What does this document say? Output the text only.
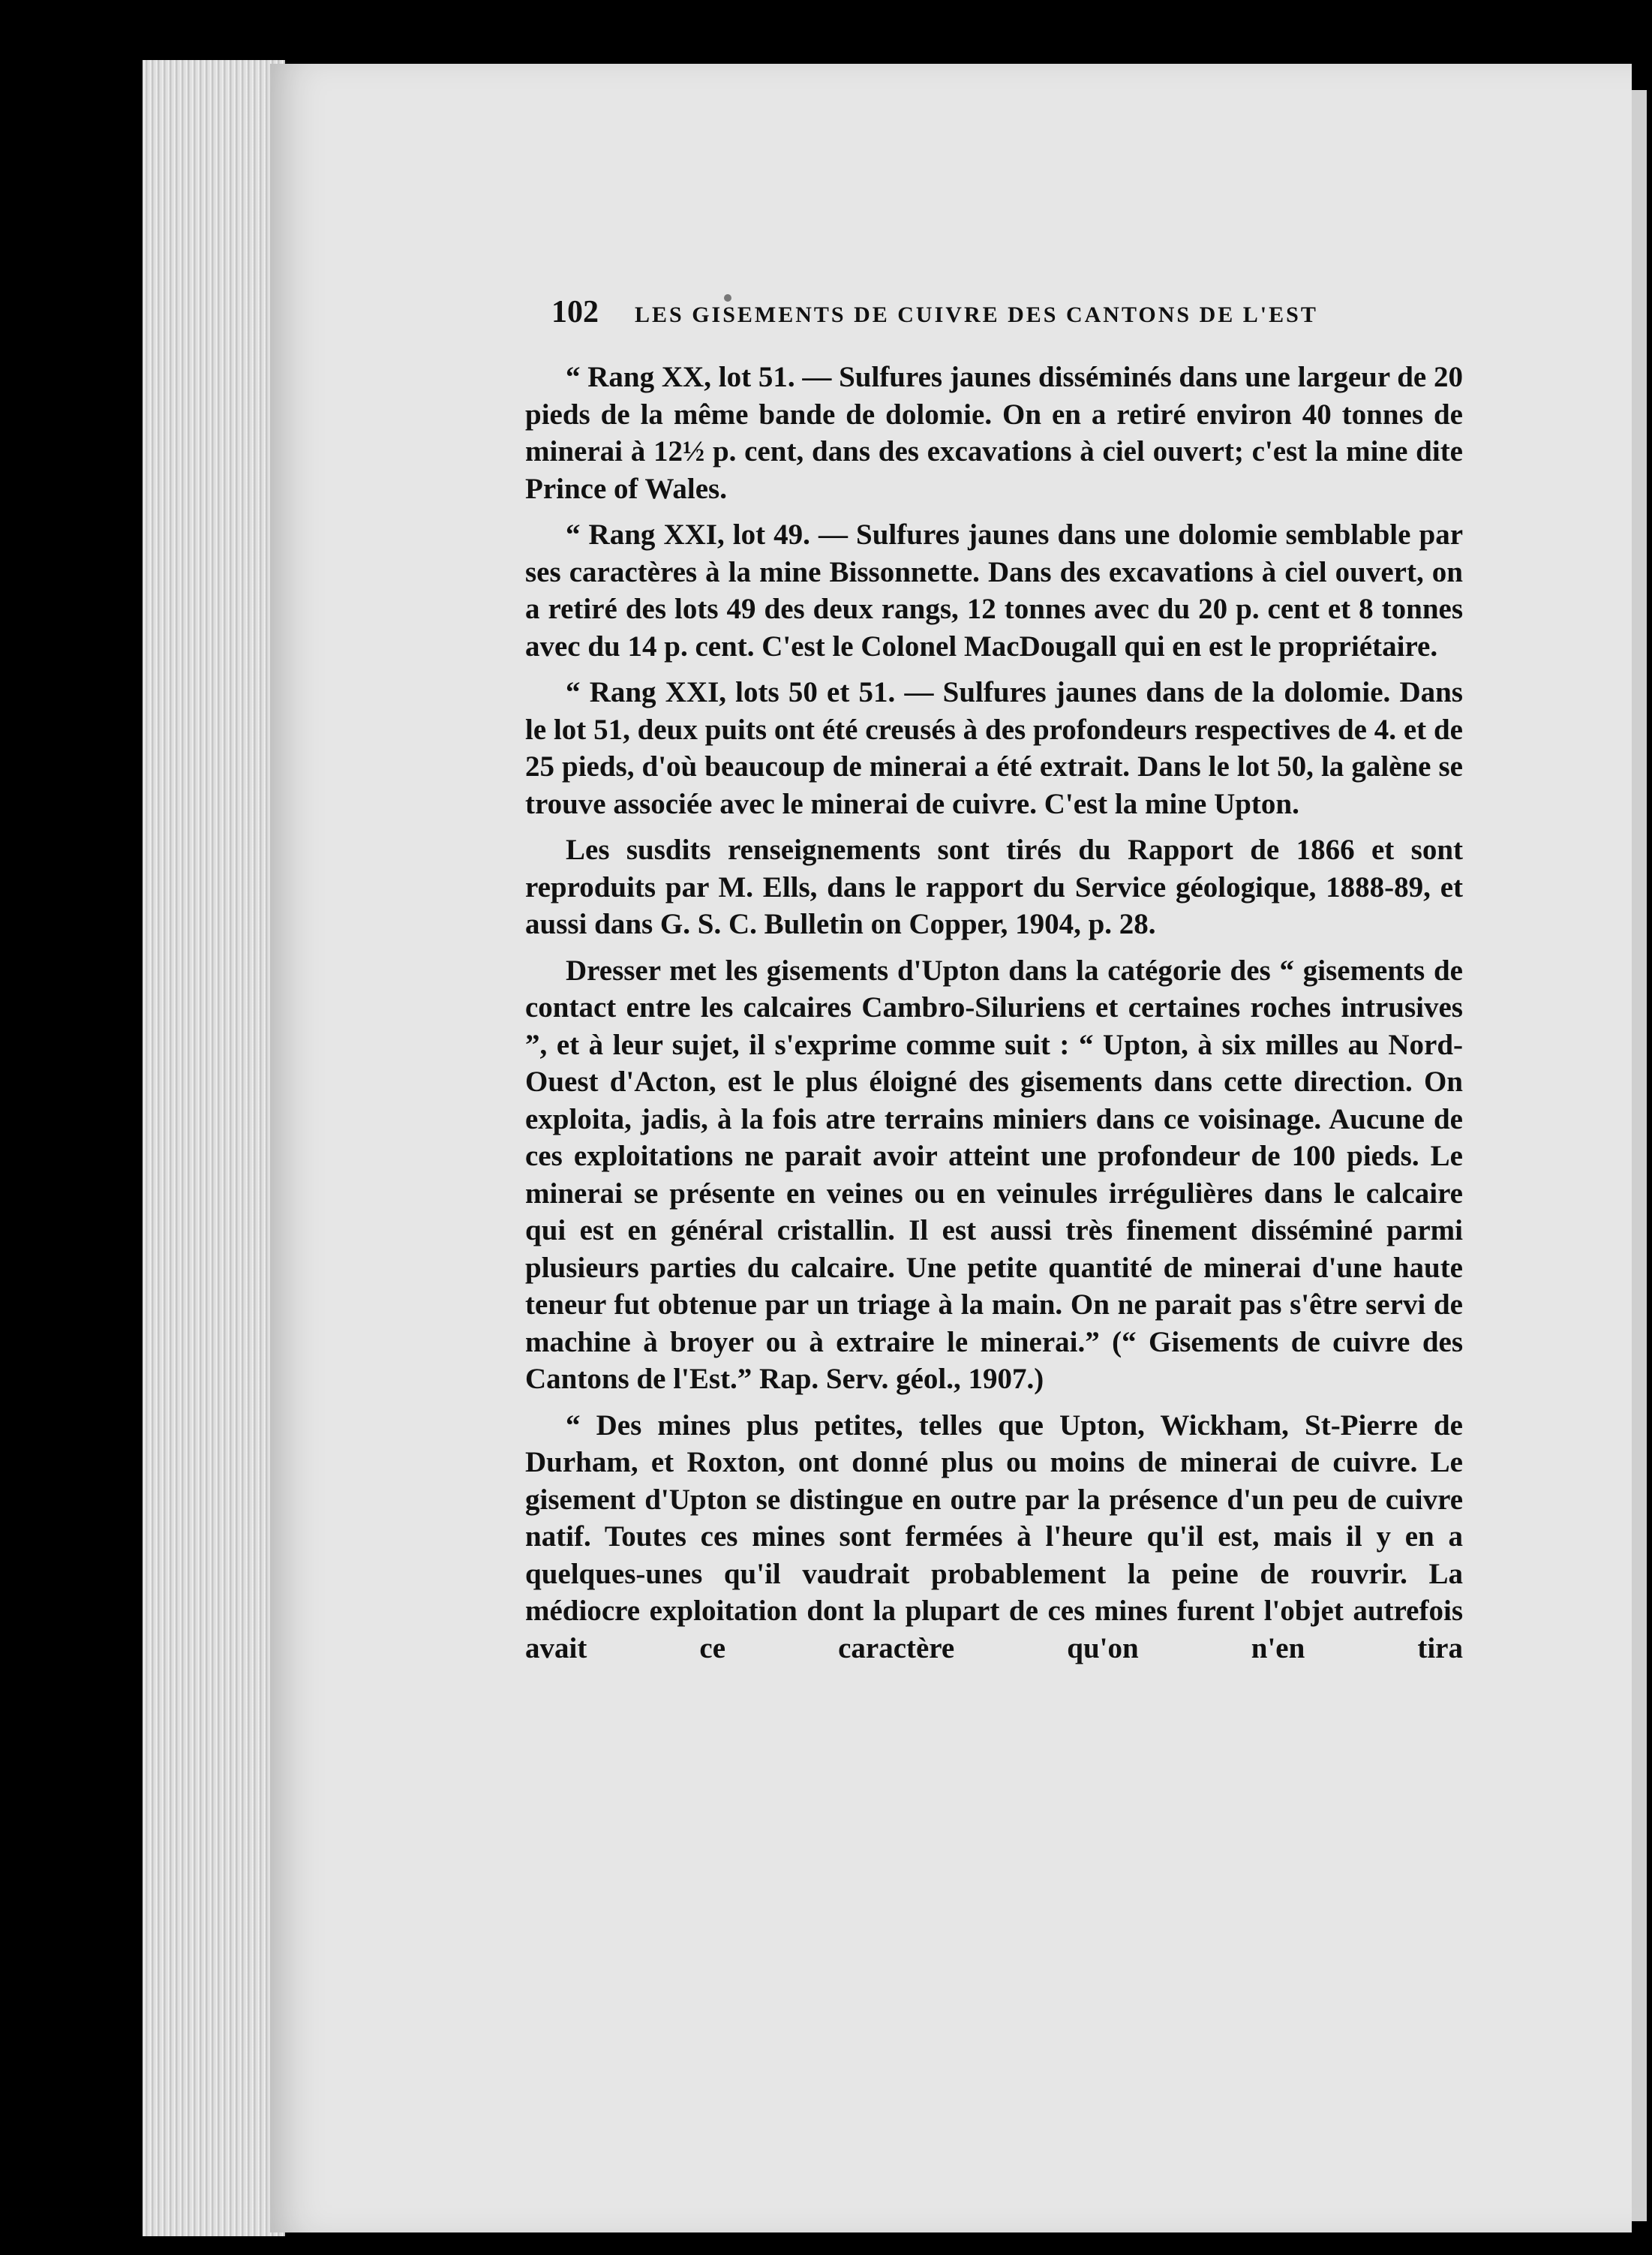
102 LES GISEMENTS DE CUIVRE DES CANTONS DE L'EST

“ Rang XX, lot 51. — Sulfures jaunes disséminés dans une largeur de 20 pieds de la même bande de dolomie. On en a retiré environ 40 tonnes de minerai à 12½ p. cent, dans des excavations à ciel ouvert; c'est la mine dite Prince of Wales.

“ Rang XXI, lot 49. — Sulfures jaunes dans une dolomie semblable par ses caractères à la mine Bissonnette. Dans des excavations à ciel ouvert, on a retiré des lots 49 des deux rangs, 12 tonnes avec du 20 p. cent et 8 tonnes avec du 14 p. cent. C'est le Colonel MacDougall qui en est le propriétaire.

“ Rang XXI, lots 50 et 51. — Sulfures jaunes dans de la dolomie. Dans le lot 51, deux puits ont été creusés à des profondeurs respectives de 4. et de 25 pieds, d'où beaucoup de minerai a été extrait. Dans le lot 50, la galène se trouve associée avec le minerai de cuivre. C'est la mine Upton.

Les susdits renseignements sont tirés du Rapport de 1866 et sont reproduits par M. Ells, dans le rapport du Service géologique, 1888-89, et aussi dans G. S. C. Bulletin on Copper, 1904, p. 28.

Dresser met les gisements d'Upton dans la catégorie des “ gisements de contact entre les calcaires Cambro-Siluriens et certaines roches intrusives ”, et à leur sujet, il s'exprime comme suit : “ Upton, à six milles au Nord-Ouest d'Acton, est le plus éloigné des gisements dans cette direction. On exploita, jadis, à la fois atre terrains miniers dans ce voisinage. Aucune de ces exploitations ne parait avoir atteint une profondeur de 100 pieds. Le minerai se présente en veines ou en veinules irrégulières dans le calcaire qui est en général cristallin. Il est aussi très finement disséminé parmi plusieurs parties du calcaire. Une petite quantité de minerai d'une haute teneur fut obtenue par un triage à la main. On ne parait pas s'être servi de machine à broyer ou à extraire le minerai.” (“ Gisements de cuivre des Cantons de l'Est.” Rap. Serv. géol., 1907.)

“ Des mines plus petites, telles que Upton, Wickham, St-Pierre de Durham, et Roxton, ont donné plus ou moins de minerai de cuivre. Le gisement d'Upton se distingue en outre par la présence d'un peu de cuivre natif. Toutes ces mines sont fermées à l'heure qu'il est, mais il y en a quelques-unes qu'il vaudrait probablement la peine de rouvrir. La médiocre exploitation dont la plupart de ces mines furent l'objet autrefois avait ce caractère qu'on n'en tira
